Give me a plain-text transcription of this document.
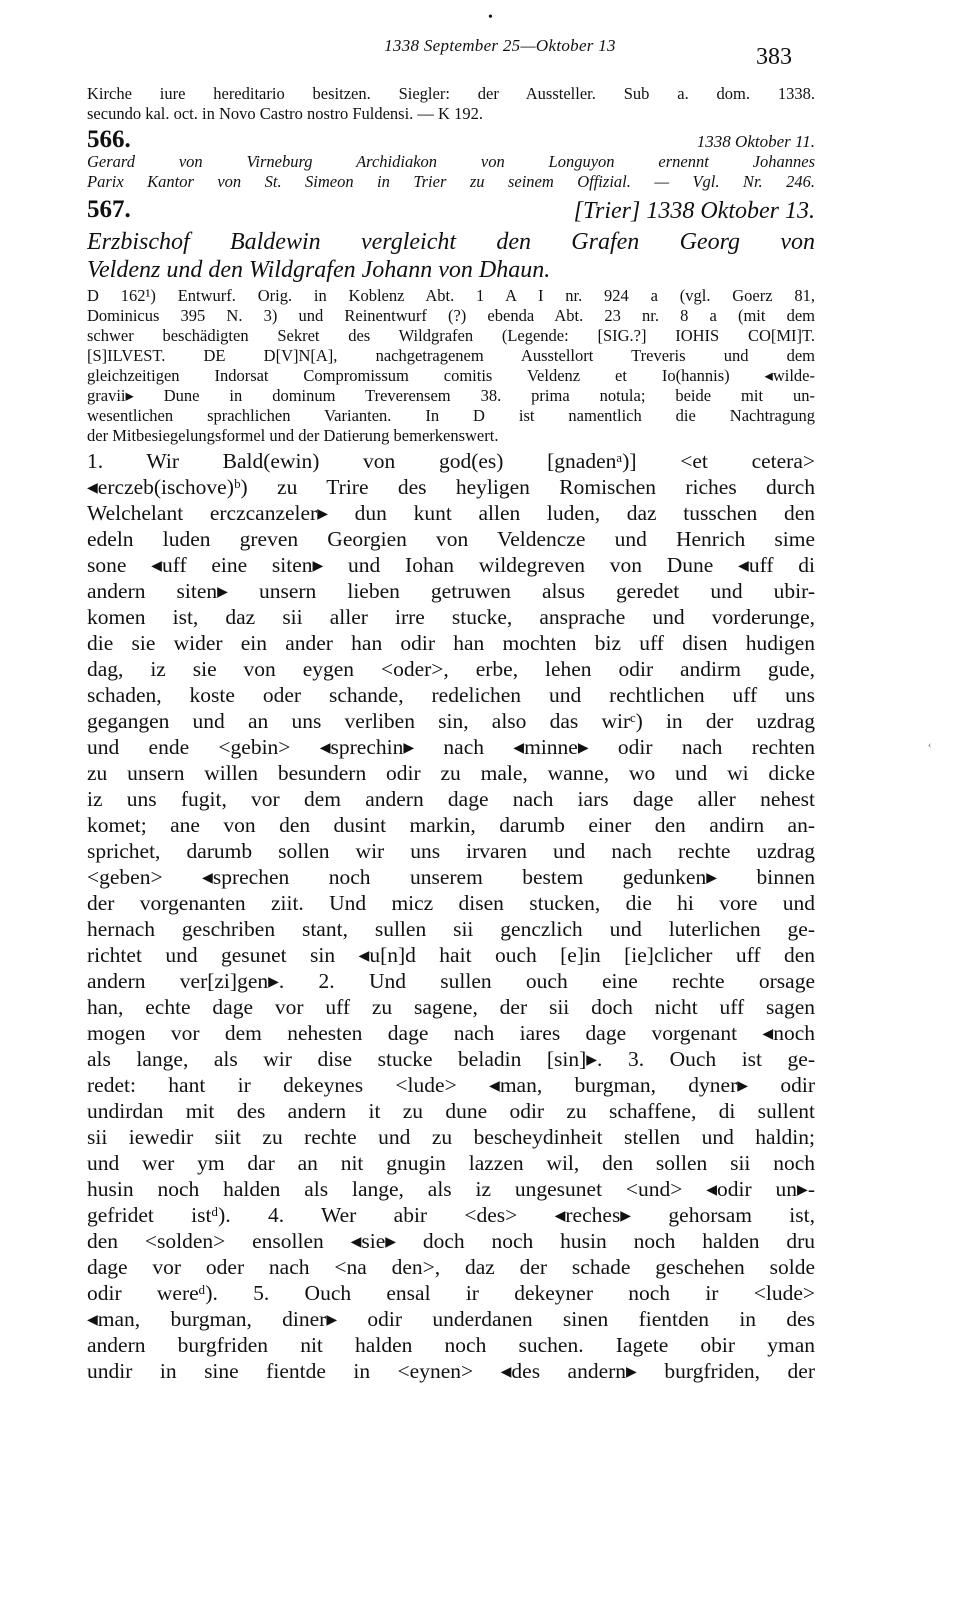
•
1338 September 25—Oktober 13	383

Kirche iure hereditario besitzen. Siegler: der Aussteller. Sub a. dom. 1338.

secundo kal. oct. in Novo Castro nostro Fuldensi. — K 192.

566.	1338 Oktober 11.

Gerard von Virneburg Archidiakon von Longuyon ernennt Johannes

Parix Kantor von St. Simeon in Trier zu seinem Offizial. — Vgl. Nr. 246.

567.	[Trier] 1338 Oktober 13.

Erzbischof Baldewin vergleicht den Grafen Georg von

Veldenz und den Wildgrafen Johann von Dhaun.

D 162¹) Entwurf. Orig. in Koblenz Abt. 1 A I nr. 924 a (vgl. Goerz 81,

Dominicus 395 N. 3) und Reinentwurf (?) ebenda Abt. 23 nr. 8 a (mit dem

schwer beschädigten Sekret des Wildgrafen (Legende: [SIG.?] IOHIS CO[MI]T.

[S]ILVEST. DE D[V]N[A], nachgetragenem Ausstellort Treveris und dem

gleichzeitigen Indorsat Compromissum comitis Veldenz et Io(hannis) ◂wilde-

gravii▸ Dune in dominum Treverensem 38. prima notula; beide mit un-

wesentlichen sprachlichen Varianten. In D ist namentlich die Nachtragung

der Mitbesiegelungsformel und der Datierung bemerkenswert.

1. Wir Bald(ewin) von god(es) [gnadenᵃ)] <et cetera>

◂erczeb(ischove)ᵇ) zu Trire des heyligen Romischen riches durch

Welchelant erczcanzeler▸ dun kunt allen luden, daz tusschen den

edeln luden greven Georgien von Veldencze und Henrich sime

sone ◂uff eine siten▸ und Iohan wildegreven von Dune ◂uff di

andern siten▸ unsern lieben getruwen alsus geredet und ubir-

komen ist, daz sii aller irre stucke, ansprache und vorderunge,

die sie wider ein ander han odir han mochten biz uff disen hudigen

dag, iz sie von eygen <oder>, erbe, lehen odir andirm gude,

schaden, koste oder schande, redelichen und rechtlichen uff uns

gegangen und an uns verliben sin, also das wirᶜ) in der uzdrag

und ende <gebin> ◂sprechin▸ nach ◂minne▸ odir nach rechten

zu unsern willen besundern odir zu male, wanne, wo und wi dicke

iz uns fugit, vor dem andern dage nach iars dage aller nehest

komet; ane von den dusint markin, darumb einer den andirn an-

sprichet, darumb sollen wir uns irvaren und nach rechte uzdrag

<geben> ◂sprechen noch unserem bestem gedunken▸ binnen

der vorgenanten ziit. Und micz disen stucken, die hi vore und

hernach geschriben stant, sullen sii genczlich und luterlichen ge-

richtet und gesunet sin ◂u[n]d hait ouch [e]in [ie]clicher uff den

andern ver[zi]gen▸. 2. Und sullen ouch eine rechte orsage

han, echte dage vor uff zu sagene, der sii doch nicht uff sagen

mogen vor dem nehesten dage nach iares dage vorgenant ◂noch

als lange, als wir dise stucke beladin [sin]▸. 3. Ouch ist ge-

redet: hant ir dekeynes <lude> ◂man, burgman, dyner▸ odir

undirdan mit des andern it zu dune odir zu schaffene, di sullent

sii iewedir siit zu rechte und zu bescheydinheit stellen und haldin;

und wer ym dar an nit gnugin lazzen wil, den sollen sii noch

husin noch halden als lange, als iz ungesunet <und> ◂odir un▸-

gefridet istᵈ). 4. Wer abir <des> ◂reches▸ gehorsam ist,

den <solden> ensollen ◂sie▸ doch noch husin noch halden dru

dage vor oder nach <na den>, daz der schade geschehen solde

odir wereᵈ). 5. Ouch ensal ir dekeyner noch ir <lude>

◂man, burgman, diner▸ odir underdanen sinen fientden in des

andern burgfriden nit halden noch suchen. Iagete obir yman

undir in sine fientde in <eynen> ◂des andern▸ burgfriden, der

‹
